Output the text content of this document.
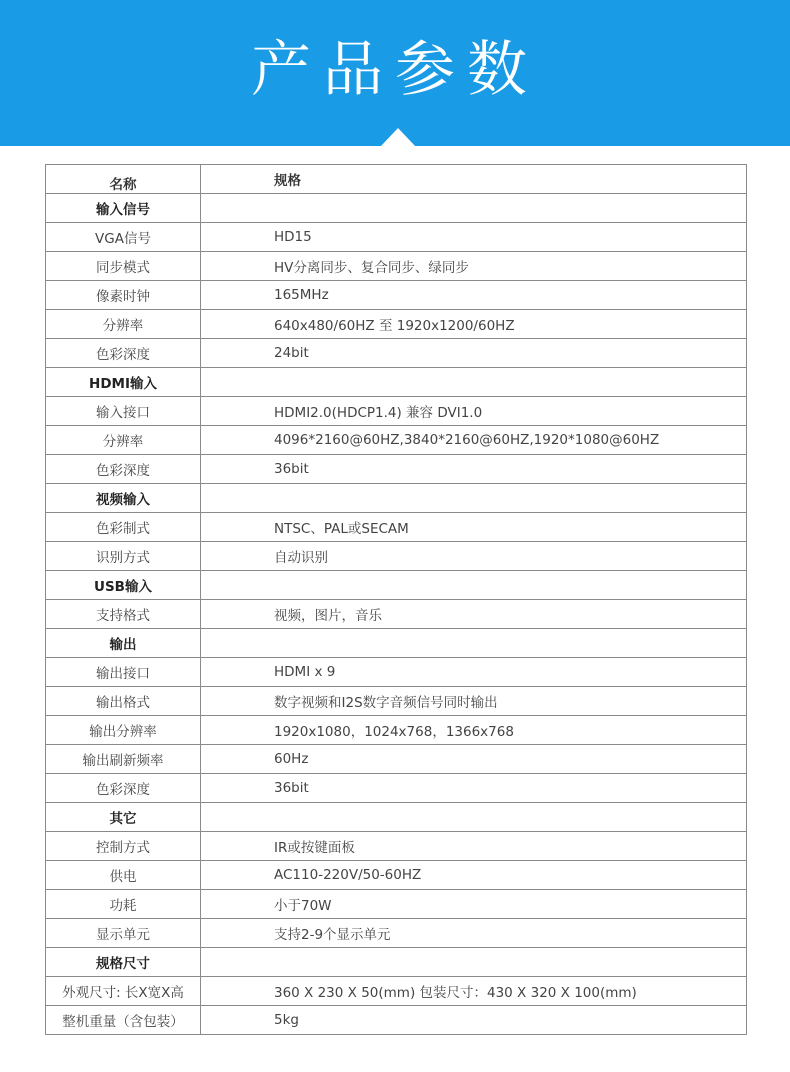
产品参数
名称	规格
输入信号	
VGA信号	HD15
同步模式	HV分离同步、复合同步、绿同步
像素时钟	165MHz
分辨率	640x480/60HZ 至 1920x1200/60HZ
色彩深度	24bit
HDMI输入	
输入接口	HDMI2.0(HDCP1.4) 兼容 DVI1.0
分辨率	4096*2160@60HZ,3840*2160@60HZ,1920*1080@60HZ
色彩深度	36bit
视频输入	
色彩制式	NTSC、PAL或SECAM
识别方式	自动识别
USB输入	
支持格式	视频，图片，音乐
输出	
输出接口	HDMI x 9
输出格式	数字视频和I2S数字音频信号同时输出
输出分辨率	1920x1080，1024x768，1366x768
输出刷新频率	60Hz
色彩深度	36bit
其它	
控制方式	IR或按键面板
供电	AC110-220V/50-60HZ
功耗	小于70W
显示单元	支持2-9个显示单元
规格尺寸	
外观尺寸: 长X宽X高	360 X 230 X 50(mm) 包装尺寸：430 X 320 X 100(mm)
整机重量（含包装）	5kg
